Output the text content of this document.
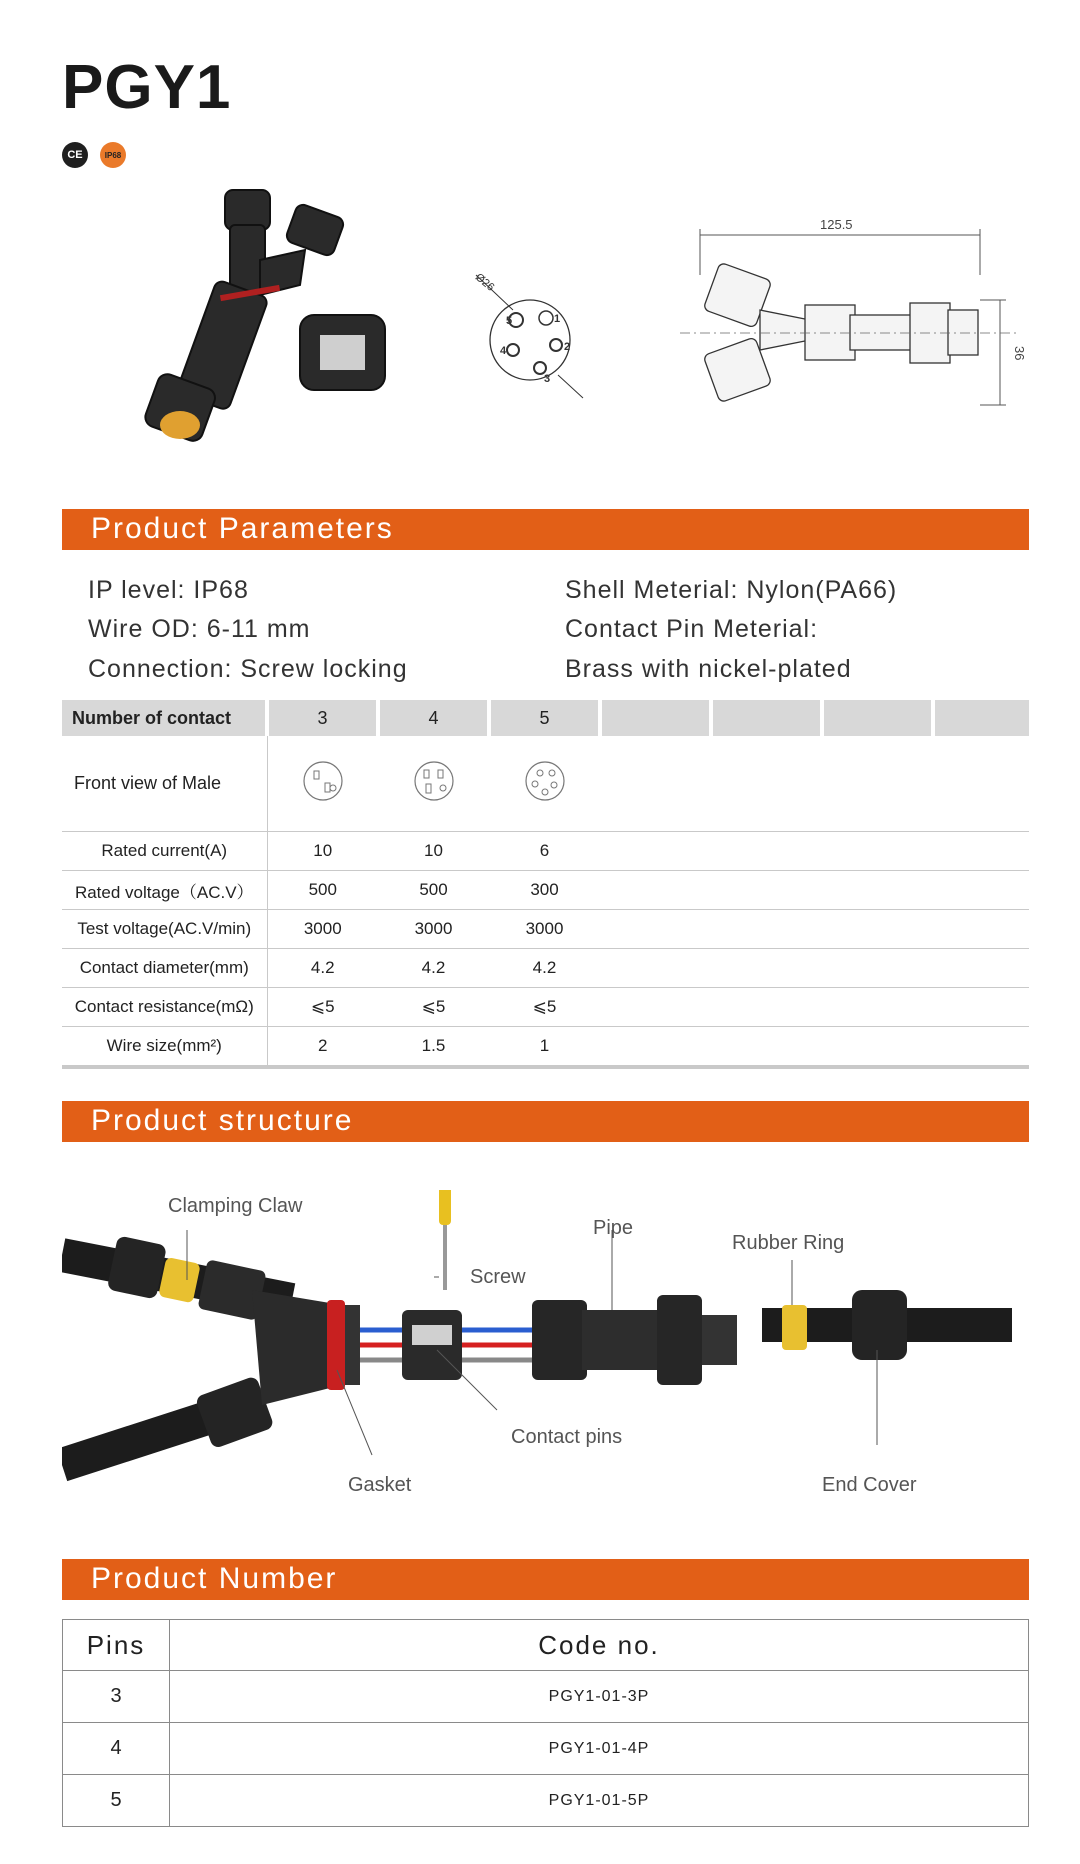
PGY1
CE	IP68
Ø26
1
2
3
4
5
125.5
36
Product Parameters
IP level: IP68
Wire OD: 6-11 mm
Connection: Screw locking
Shell Meterial: Nylon(PA66)
Contact Pin Meterial:
Brass with nickel-plated
Number of contact	3	4	5				
Front view of Male							
Rated current(A)	10	10	6				
Rated voltage（AC.V）	500	500	300				
Test voltage(AC.V/min)	3000	3000	3000				
Contact diameter(mm)	4.2	4.2	4.2				
Contact resistance(mΩ)	⩽5	⩽5	⩽5				
Wire size(mm²)	2	1.5	1				
Product structure
Clamping Claw
Screw
Pipe
Rubber Ring
Contact pins
Gasket	End Cover
Product Number
Pins	Code no.
3	PGY1-01-3P
4	PGY1-01-4P
5	PGY1-01-5P
